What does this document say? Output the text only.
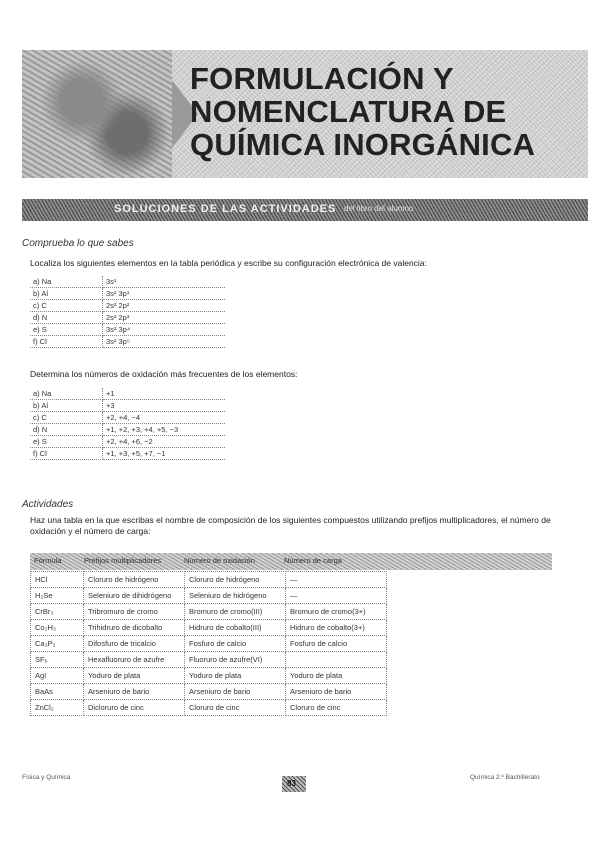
FORMULACIÓN Y
NOMENCLATURA DE
QUÍMICA INORGÁNICA
SOLUCIONES DE LAS ACTIVIDADES del libro del alumno
Comprueba lo que sabes
Localiza los siguientes elementos en la tabla periódica y escribe su configuración electrónica de valencia:
a) Na	3s¹
b) Al	3s² 3p¹
c) C	2s² 2p²
d) N	2s² 2p³
e) S	3s² 3p⁴
f) Cl	3s² 3p⁵
Determina los números de oxidación más frecuentes de los elementos:
a) Na	+1
b) Al	+3
c) C	+2, +4, −4
d) N	+1, +2, +3, +4, +5, −3
e) S	+2, +4, +6, −2
f) Cl	+1, +3, +5, +7, −1
Actividades
Haz una tabla en la que escribas el nombre de composición de los siguientes compuestos utilizando prefijos multiplicadores, el número de oxidación y el número de carga:
Fórmula	Prefijos multiplicadores	Número de oxidación	Número de carga
HCl	Cloruro de hidrógeno	Cloruro de hidrógeno	—
H₂Se	Seleniuro de dihidrógeno	Seleniuro de hidrógeno	—
CrBr₃	Tribromuro de cromo	Bromuro de cromo(III)	Bromuro de cromo(3+)
Co₂H₃	Trihidruro de dicobalto	Hidruro de cobalto(III)	Hidruro de cobalto(3+)
Ca₃P₂	Difosfuro de tricalcio	Fosfuro de calcio	Fosfuro de calcio
SF₆	Hexafluoruro de azufre	Fluoruro de azufre(VI)	
AgI	Yoduro de plata	Yoduro de plata	Yoduro de plata
BaAs	Arseniuro de bario	Arseniuro de bario	Arseniuro de bario
ZnCl₂	Dicloruro de cinc	Cloruro de cinc	Cloruro de cinc
Física y Química
83
Química 2.º Bachillerato
